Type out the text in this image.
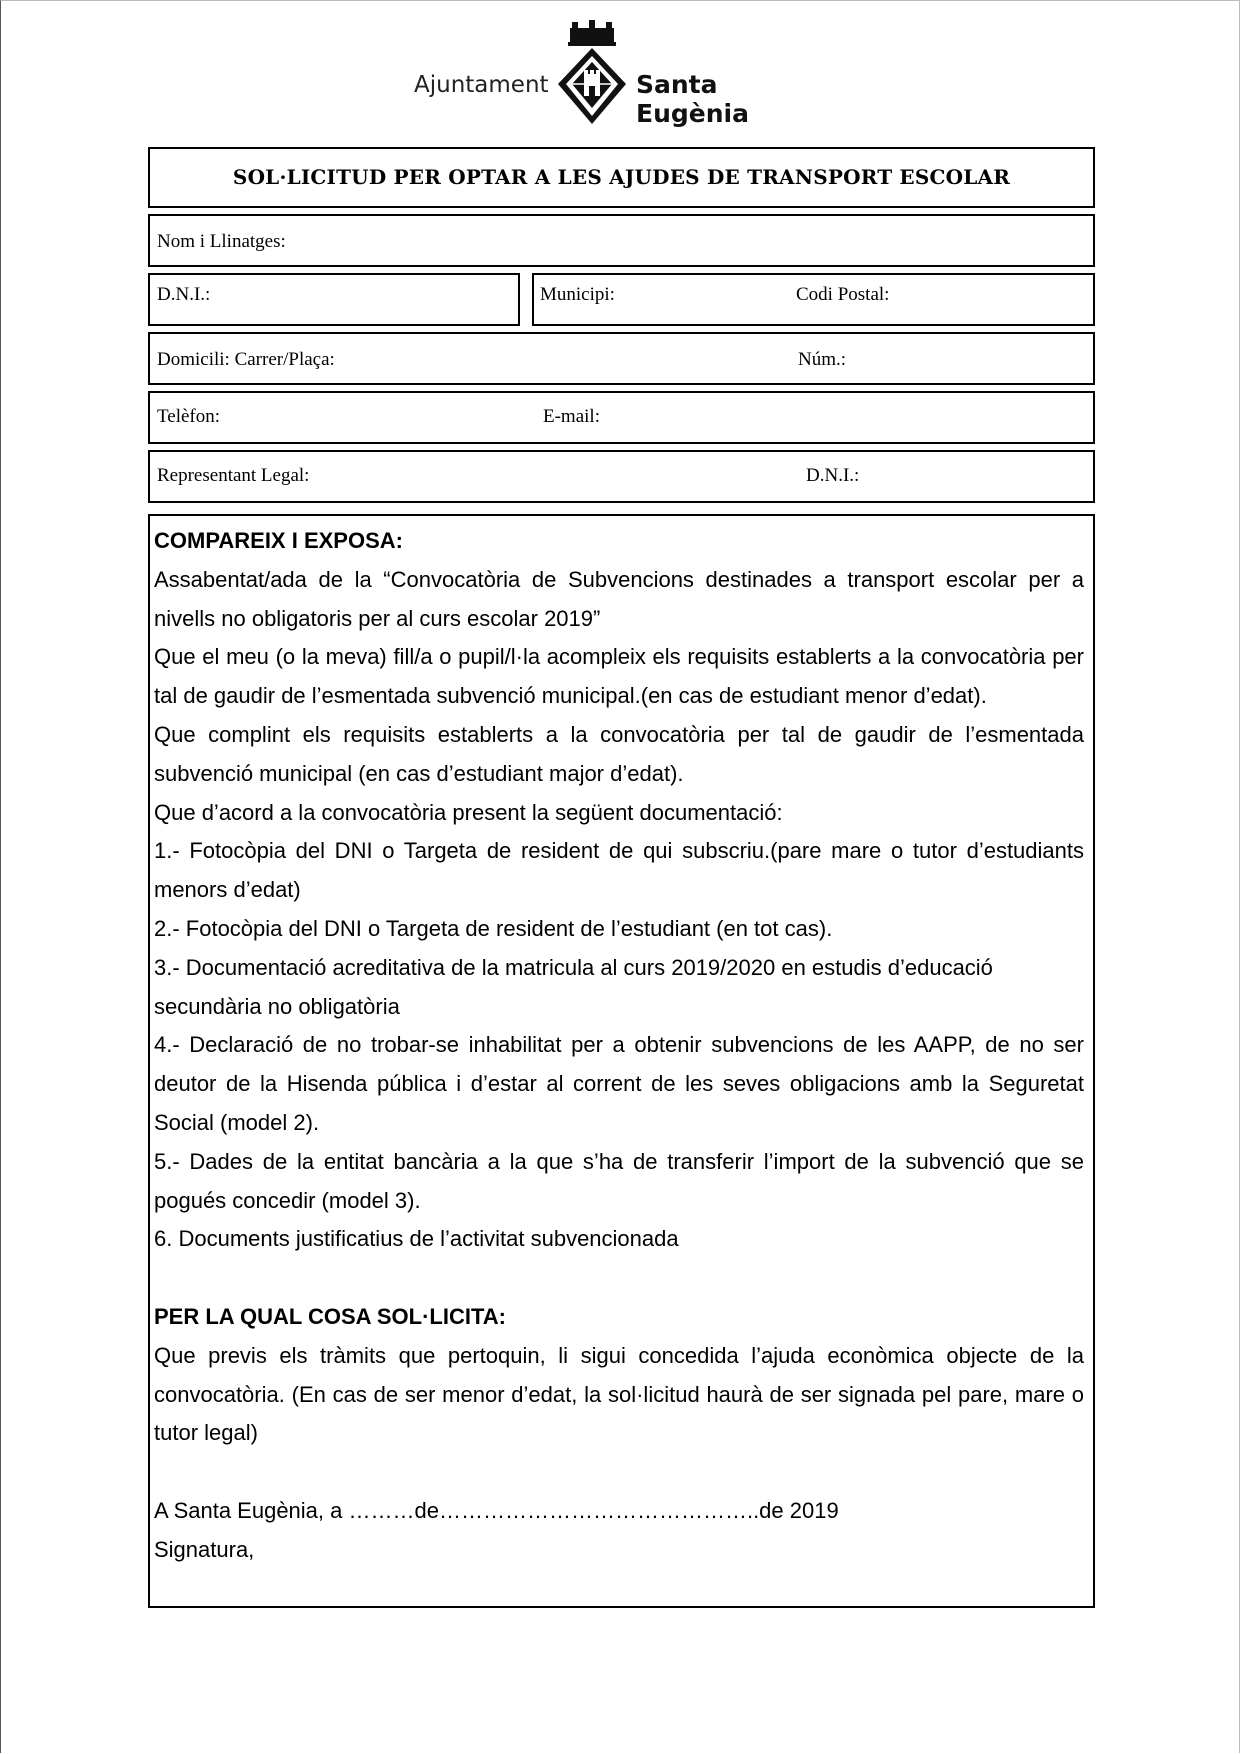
Ajuntament	Santa Eugènia
SOL·LICITUD PER OPTAR A LES AJUDES DE TRANSPORT ESCOLAR
Nom i Llinatges:
D.N.I.:	Municipi:	Codi Postal:
Domicili: Carrer/Plaça:	Núm.:
Telèfon:	E-mail:
Representant Legal:	D.N.I.:

COMPAREIX I EXPOSA:

Assabentat/ada de la “Convocatòria de Subvencions destinades a transport escolar per a nivells no obligatoris per al curs escolar 2019”

Que el meu (o la meva) fill/a o pupil/l·la acompleix els requisits establerts a la convocatòria per tal de gaudir de l’esmentada subvenció municipal.(en cas de estudiant menor d’edat).

Que complint els requisits establerts a la convocatòria per tal de gaudir de l’esmentada subvenció municipal (en cas d’estudiant major d’edat).

Que d’acord a la convocatòria present la següent documentació:

1.- Fotocòpia del DNI o Targeta de resident de qui subscriu.(pare mare o tutor d’estudiants menors d’edat)

2.- Fotocòpia del DNI o Targeta de resident de l’estudiant (en tot cas).

3.- Documentació acreditativa de la matricula al curs 2019/2020 en estudis d’educació secundària no obligatòria

4.- Declaració de no trobar-se inhabilitat per a obtenir subvencions de les AAPP, de no ser deutor de la Hisenda pública i d’estar al corrent de les seves obligacions amb la Seguretat Social (model 2).

5.- Dades de la entitat bancària a la que s’ha de transferir l’import de la subvenció que se pogués concedir (model 3).

6. Documents justificatius de l’activitat subvencionada

PER LA QUAL COSA SOL·LICITA:

Que previs els tràmits que pertoquin, li sigui concedida l’ajuda econòmica objecte de la convocatòria. (En cas de ser menor d’edat, la sol·licitud haurà de ser signada pel pare, mare o tutor legal)

A Santa Eugènia, a ………de……………………………………..de 2019

Signatura,
